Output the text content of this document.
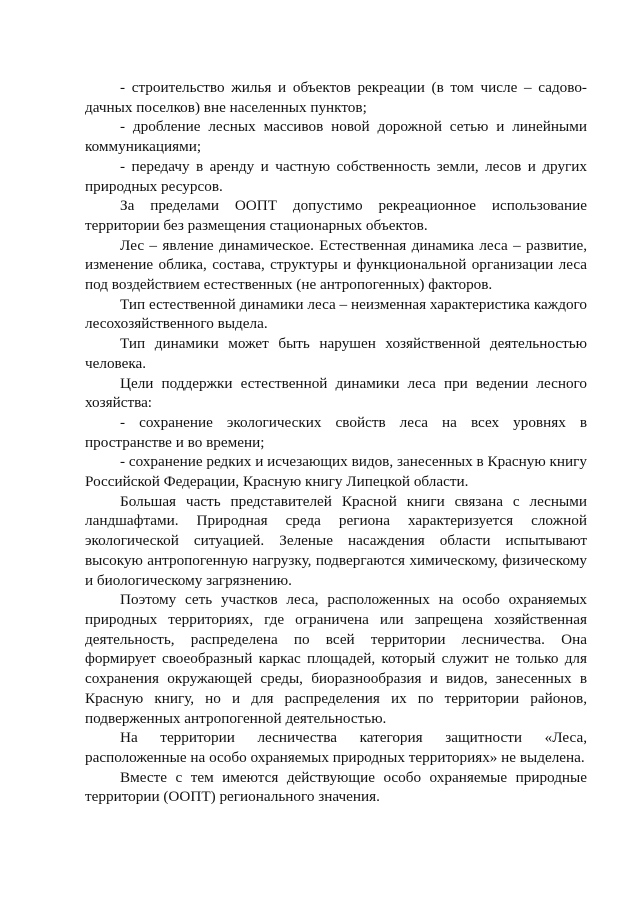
- строительство жилья и объектов рекреации (в том числе – садово-дачных поселков) вне населенных пунктов;

- дробление лесных массивов новой дорожной сетью и линейными коммуникациями;

- передачу в аренду и частную собственность земли, лесов и других природных ресурсов.

За пределами ООПТ допустимо рекреационное использование территории без размещения стационарных объектов.

Лес – явление динамическое. Естественная динамика леса – развитие, изменение облика, состава, структуры и функциональной организации леса под воздействием естественных (не антропогенных) факторов.

Тип естественной динамики леса – неизменная характеристика каждого лесохозяйственного выдела.

Тип динамики может быть нарушен хозяйственной деятельностью человека.

Цели поддержки естественной динамики леса при ведении лесного хозяйства:

- сохранение экологических свойств леса на всех уровнях в пространстве и во времени;

- сохранение редких и исчезающих видов, занесенных в Красную книгу Российской Федерации, Красную книгу Липецкой области.

Большая часть представителей Красной книги связана с лесными ландшафтами. Природная среда региона характеризуется сложной экологической ситуацией. Зеленые насаждения области испытывают высокую антропогенную нагрузку, подвергаются химическому, физическому и биологическому загрязнению.

Поэтому сеть участков леса, расположенных на особо охраняемых природных территориях, где ограничена или запрещена хозяйственная деятельность, распределена по всей территории лесничества. Она формирует своеобразный каркас площадей, который служит не только для сохранения окружающей среды, биоразнообразия и видов, занесенных в Красную книгу, но и для распределения их по территории районов, подверженных антропогенной деятельностью.

На территории лесничества категория защитности «Леса, расположенные на особо охраняемых природных территориях» не выделена.

Вместе с тем имеются действующие особо охраняемые природные территории (ООПТ) регионального значения.
